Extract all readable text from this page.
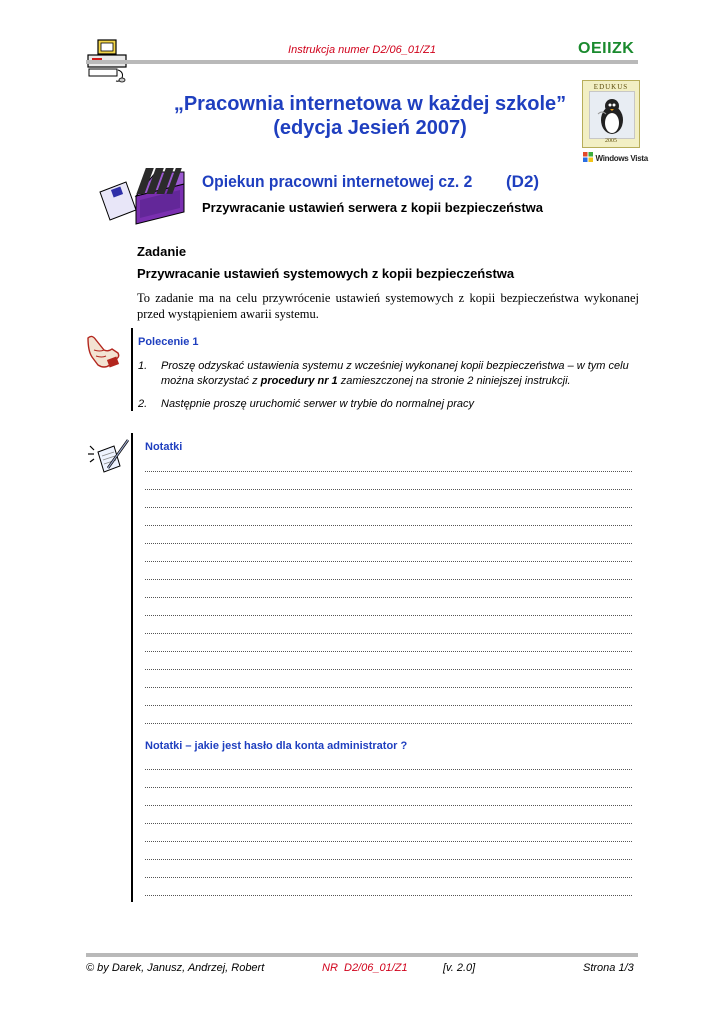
Instrukcja numer D2/06_01/Z1	OEIIZK
„Pracownia internetowa w każdej szkole”
(edycja Jesień 2007)
EDUKUS
2005
Windows Vista
Opiekun pracowni internetowej cz. 2 (D2)
Przywracanie ustawień serwera z kopii bezpieczeństwa
Zadanie
Przywracanie ustawień systemowych z kopii bezpieczeństwa
To zadanie ma na celu przywrócenie ustawień systemowych z kopii bezpieczeństwa wykonanej przed wystąpieniem awarii systemu.
Polecenie 1
1. Proszę odzyskać ustawienia systemu z wcześniej wykonanej kopii bezpieczeństwa – w tym celu można skorzystać z procedury nr 1 zamieszczonej na stronie 2 niniejszej instrukcji.
2. Następnie proszę uruchomić serwer w trybie do normalnej pracy
Notatki
Notatki – jakie jest hasło dla konta administrator ?
© by Darek, Janusz, Andrzej, Robert	NR  D2/06_01/Z1	[v. 2.0]	Strona 1/3
